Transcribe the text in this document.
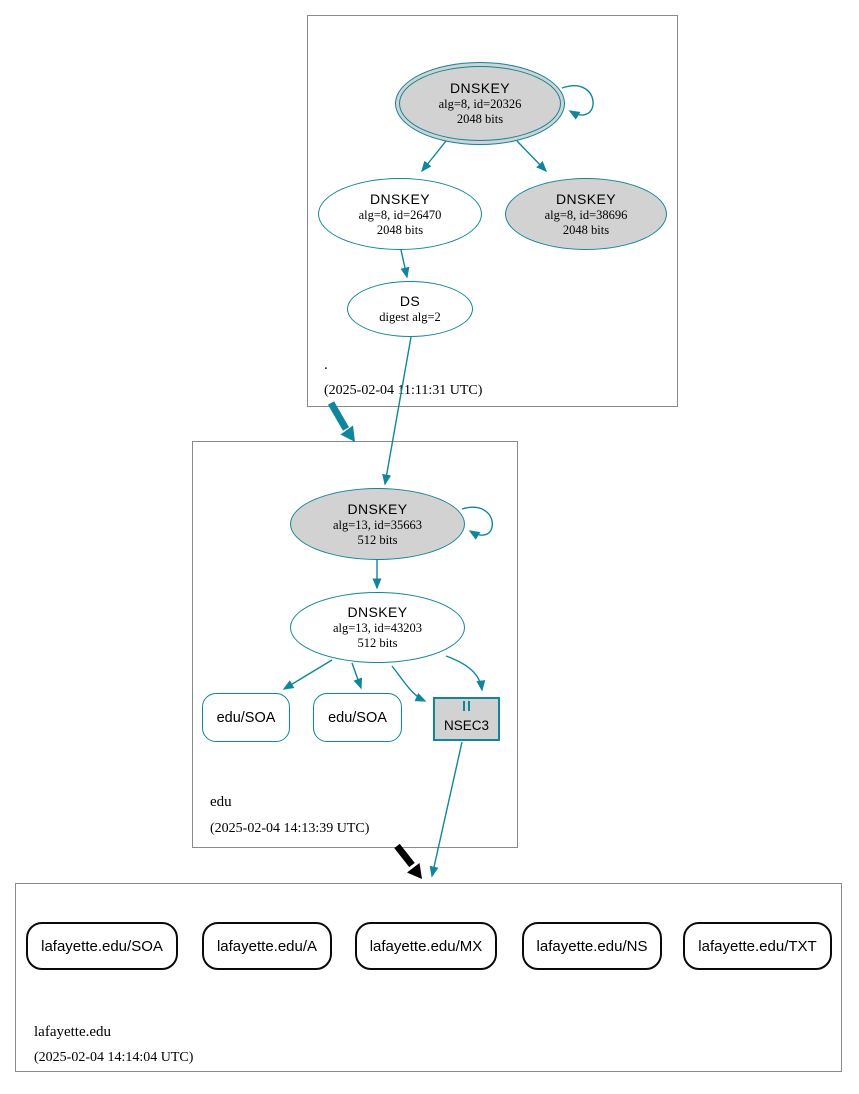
.
(2025-02-04 11:11:31 UTC)
DNSKEY
alg=8, id=20326
2048 bits
DNSKEY
alg=8, id=26470
2048 bits
DNSKEY
alg=8, id=38696
2048 bits
DS
digest alg=2
edu
(2025-02-04 14:13:39 UTC)
DNSKEY
alg=13, id=35663
512 bits
DNSKEY
alg=13, id=43203
512 bits
edu/SOA	edu/SOA	NSEC3
lafayette.edu
(2025-02-04 14:14:04 UTC)
lafayette.edu/SOA	lafayette.edu/A	lafayette.edu/MX	lafayette.edu/NS	lafayette.edu/TXT
